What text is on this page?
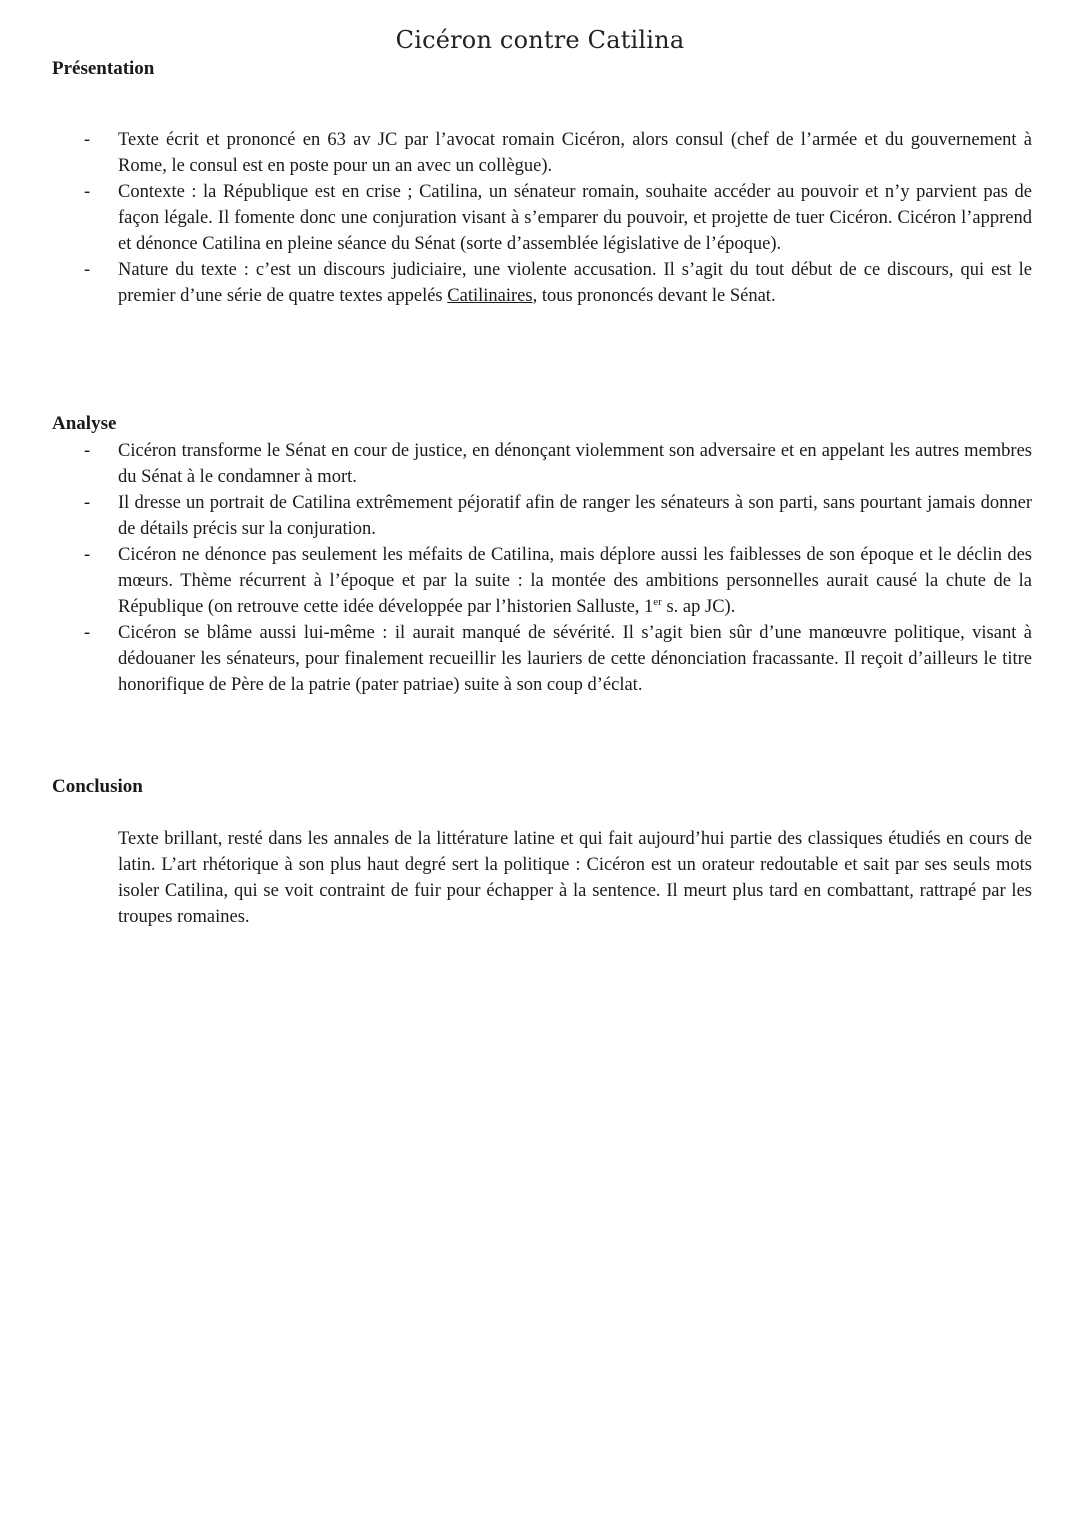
Cicéron contre Catilina
Présentation
-	Texte écrit et prononcé en 63 av JC par l’avocat romain Cicéron, alors consul (chef de l’armée et du gouvernement à Rome, le consul est en poste pour un an avec un collègue).
-	Contexte : la République est en crise ; Catilina, un sénateur romain, souhaite accéder au pouvoir et n’y parvient pas de façon légale. Il fomente donc une conjuration visant à s’emparer du pouvoir, et projette de tuer Cicéron. Cicéron l’apprend et dénonce Catilina en pleine séance du Sénat (sorte d’assemblée législative de l’époque).
-	Nature du texte : c’est un discours judiciaire, une violente accusation. Il s’agit du tout début de ce discours, qui est le premier d’une série de quatre textes appelés Catilinaires, tous prononcés devant le Sénat.
Analyse
-	Cicéron transforme le Sénat en cour de justice, en dénonçant violemment son adversaire et en appelant les autres membres du Sénat à le condamner à mort.
-	Il dresse un portrait de Catilina extrêmement péjoratif afin de ranger les sénateurs à son parti, sans pourtant jamais donner de détails précis sur la conjuration.
-	Cicéron ne dénonce pas seulement les méfaits de Catilina, mais déplore aussi les faiblesses de son époque et le déclin des mœurs. Thème récurrent à l’époque et par la suite : la montée des ambitions personnelles aurait causé la chute de la République (on retrouve cette idée développée par l’historien Salluste, 1er s. ap JC).
-	Cicéron se blâme aussi lui-même : il aurait manqué de sévérité. Il s’agit bien sûr d’une manœuvre politique, visant à dédouaner les sénateurs, pour finalement recueillir les lauriers de cette dénonciation fracassante. Il reçoit d’ailleurs le titre honorifique de Père de la patrie (pater patriae) suite à son coup d’éclat.
Conclusion

Texte brillant, resté dans les annales de la littérature latine et qui fait aujourd’hui partie des classiques étudiés en cours de latin. L’art rhétorique à son plus haut degré sert la politique : Cicéron est un orateur redoutable et sait par ses seuls mots isoler Catilina, qui se voit contraint de fuir pour échapper à la sentence. Il meurt plus tard en combattant, rattrapé par les troupes romaines.
